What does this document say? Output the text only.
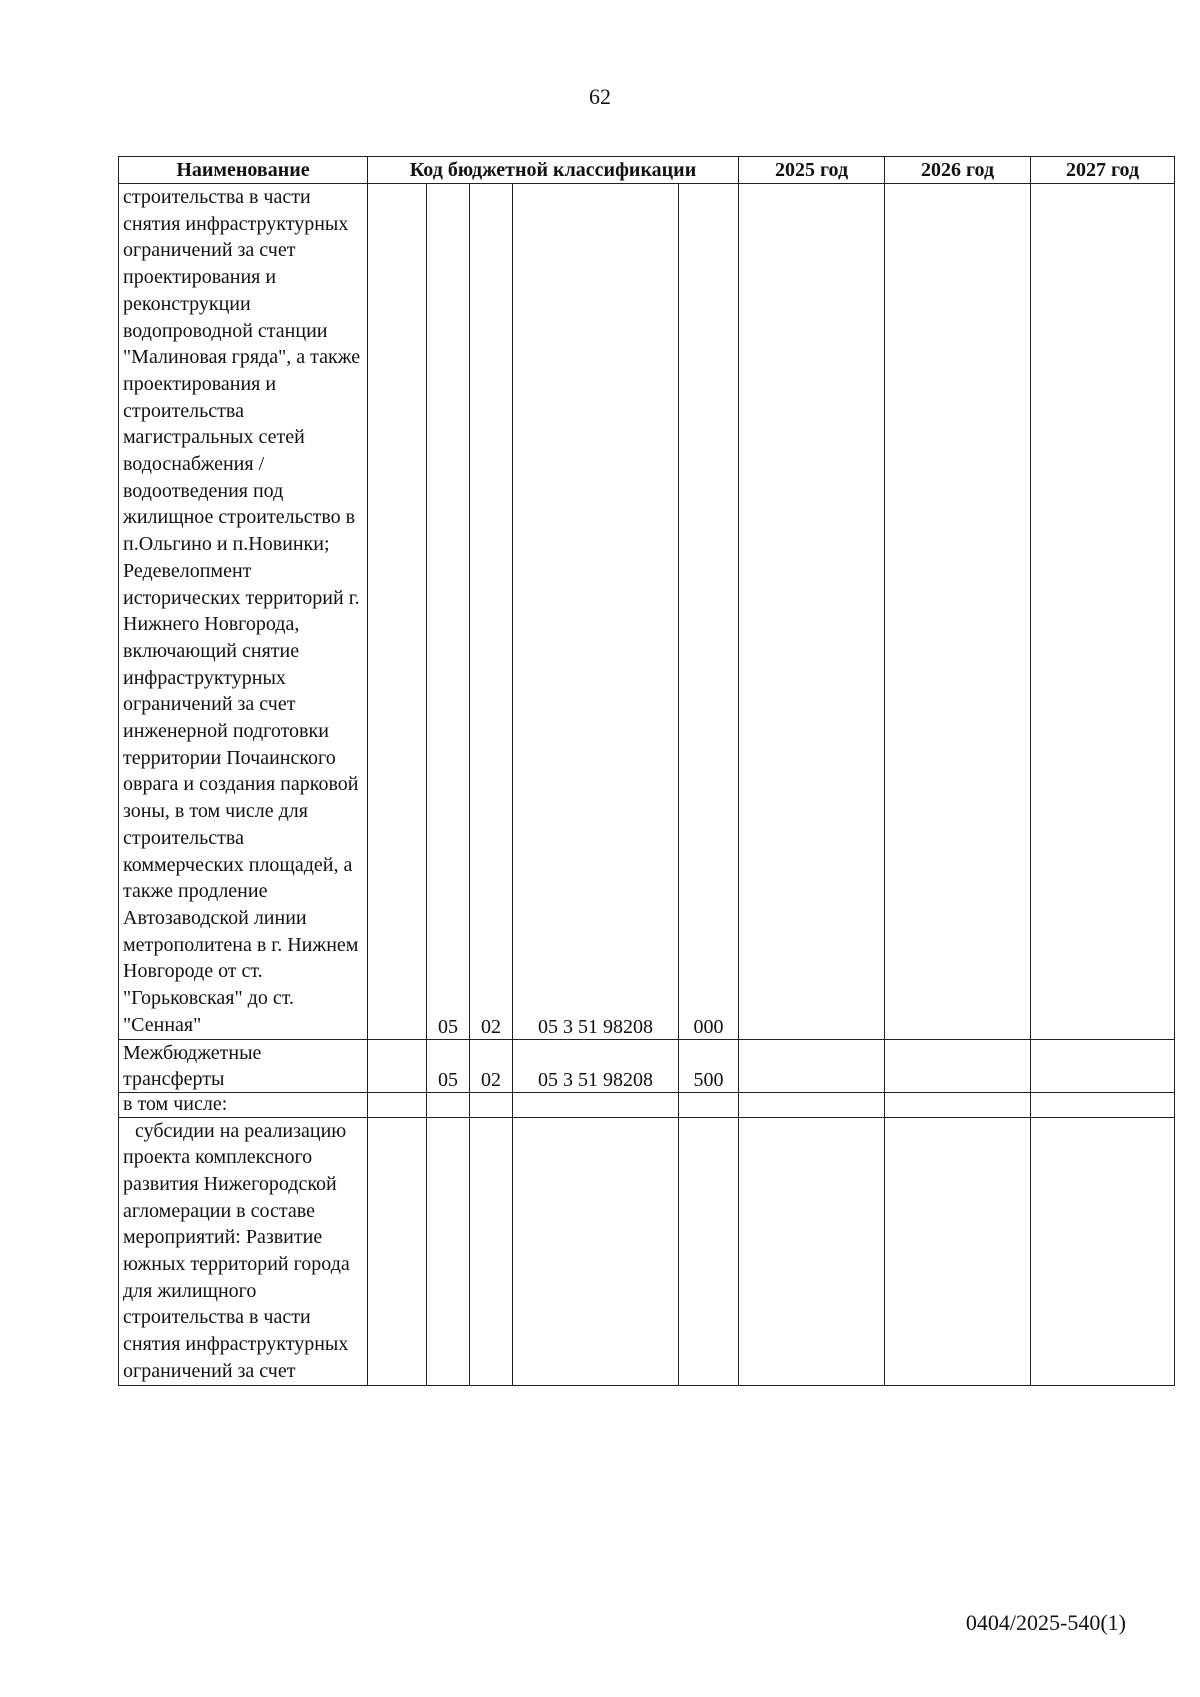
62
Наименование	Код бюджетной классификации					2025 год	2026 год	2027 год
строительства в части снятия инфраструктурных ограничений за счет проектирования и реконструкции водопроводной станции "Малиновая гряда", а также проектирования и строительства магистральных сетей водоснабжения / водоотведения под жилищное строительство в п.Ольгино и п.Новинки; Редевелопмент исторических территорий г. Нижнего Новгорода, включающий снятие инфраструктурных ограничений за счет инженерной подготовки территории Почаинского оврага и создания парковой зоны, в том числе для строительства коммерческих площадей, а также продление Автозаводской линии метрополитена в г. Нижнем Новгороде от ст. "Горьковская" до ст. "Сенная"		05	02	05 3 51 98208	000			
Межбюджетные трансферты		05	02	05 3 51 98208	500			
в том числе:								
субсидии на реализацию проекта комплексного развития Нижегородской агломерации в составе мероприятий: Развитие южных территорий города для жилищного строительства в части снятия инфраструктурных ограничений за счет								
0404/2025-540(1)
